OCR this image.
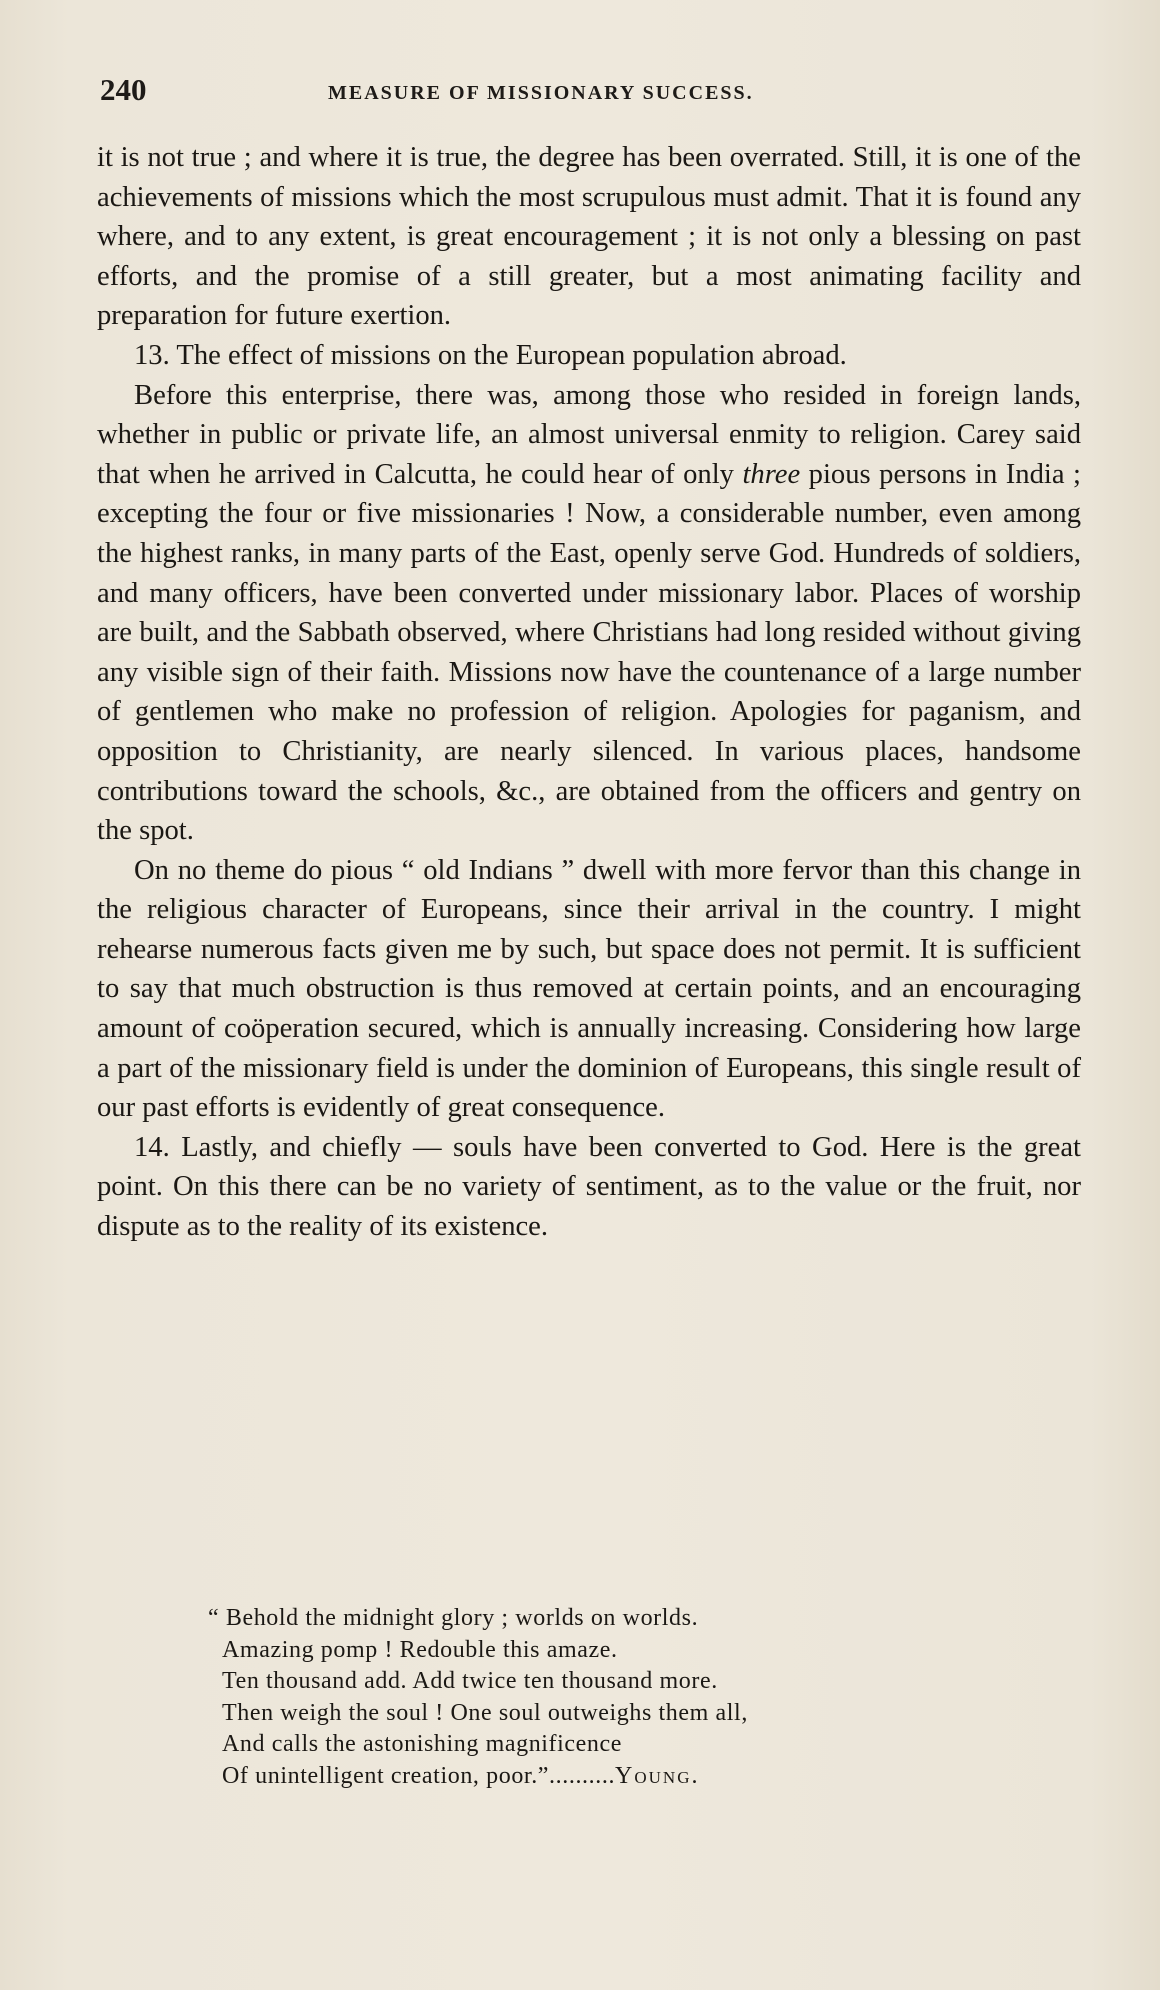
240	MEASURE OF MISSIONARY SUCCESS.

it is not true ; and where it is true, the degree has been overrated. Still, it is one of the achievements of missions which the most scrupulous must admit. That it is found any where, and to any extent, is great encouragement ; it is not only a blessing on past efforts, and the promise of a still greater, but a most animating facility and preparation for future exertion.

13. The effect of missions on the European population abroad.

Before this enterprise, there was, among those who resided in foreign lands, whether in public or private life, an almost universal enmity to religion. Carey said that when he arrived in Calcutta, he could hear of only three pious persons in India ; excepting the four or five missionaries ! Now, a considerable number, even among the highest ranks, in many parts of the East, openly serve God. Hundreds of soldiers, and many officers, have been converted under missionary labor. Places of worship are built, and the Sabbath observed, where Christians had long resided without giving any visible sign of their faith. Missions now have the countenance of a large number of gentlemen who make no profession of religion. Apologies for paganism, and opposition to Christianity, are nearly silenced. In various places, handsome contributions toward the schools, &c., are obtained from the officers and gentry on the spot.

On no theme do pious “ old Indians ” dwell with more fervor than this change in the religious character of Europeans, since their arrival in the country. I might rehearse numerous facts given me by such, but space does not permit. It is sufficient to say that much obstruction is thus removed at certain points, and an encouraging amount of coöperation secured, which is annually increasing. Considering how large a part of the missionary field is under the dominion of Europeans, this single result of our past efforts is evidently of great consequence.

14. Lastly, and chiefly — souls have been converted to God. Here is the great point. On this there can be no variety of sentiment, as to the value or the fruit, nor dispute as to the reality of its existence.

“ Behold the midnight glory ; worlds on worlds.
Amazing pomp ! Redouble this amaze.
Ten thousand add. Add twice ten thousand more.
Then weigh the soul ! One soul outweighs them all,
And calls the astonishing magnificence
Of unintelligent creation, poor.”..........Young.
